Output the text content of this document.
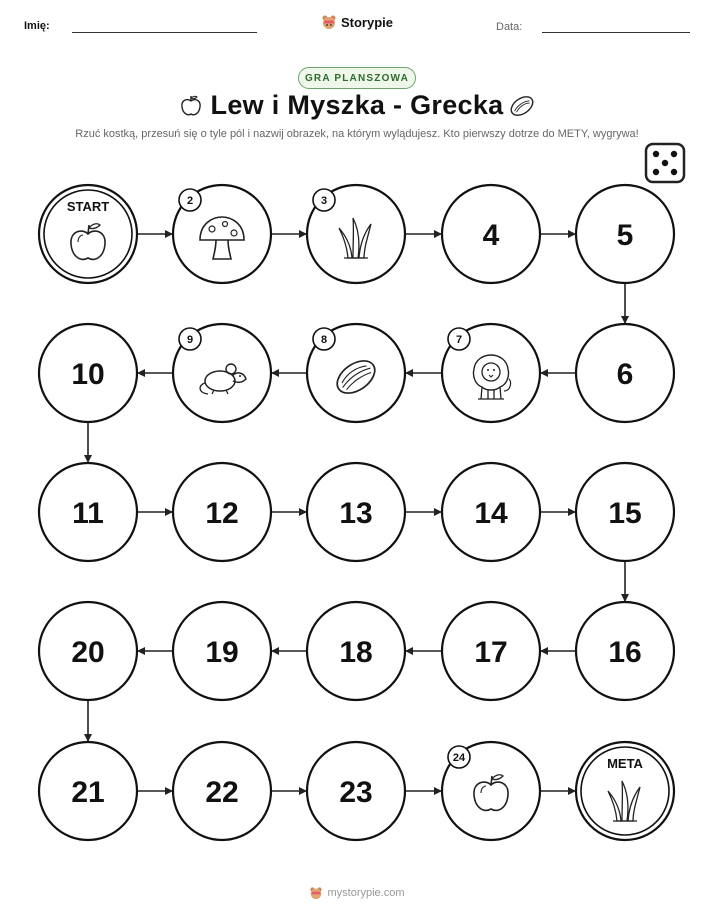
Imię:	Storypie	Data:
GRA PLANSZOWA
Lew i Myszka - Grecka
Rzuć kostką, przesuń się o tyle pól i nazwij obrazek, na którym wylądujesz. Kto pierwszy dotrze do METY, wygrywa!
START	2	3
4	5
6
7
8
9
10
11	12	13	14	15
16
17
18
19
20
21	22	23
24	META
mystorypie.com
